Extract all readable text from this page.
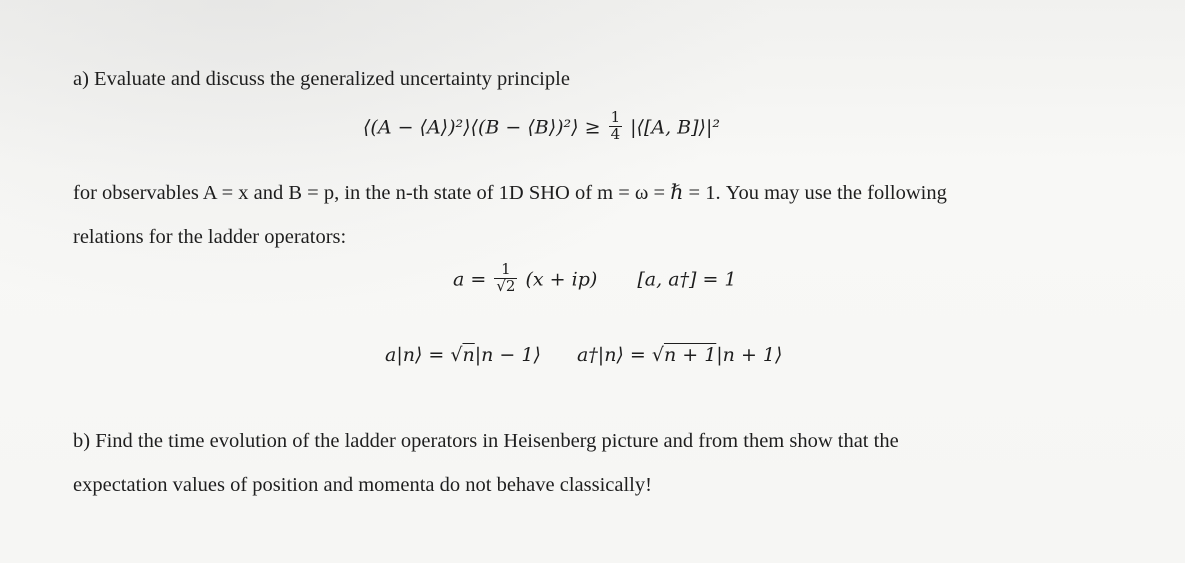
a) Evaluate and discuss the generalized uncertainty principle
⟨(A − ⟨A⟩)²⟩⟨(B − ⟨B⟩)²⟩ ≥ $\frac{1}{4}$ |⟨[A, B]⟩|²
for observables A = x and B = p, in the n-th state of 1D SHO of m = ω = ℏ = 1. You may use the following
relations for the ladder operators:
$a = \frac{1}{√2} (x + ip)$ [a, a†] = 1
a|n⟩ = √n|n − 1⟩ a†|n⟩ = √n + 1|n + 1⟩
b) Find the time evolution of the ladder operators in Heisenberg picture and from them show that the
expectation values of position and momenta do not behave classically!
